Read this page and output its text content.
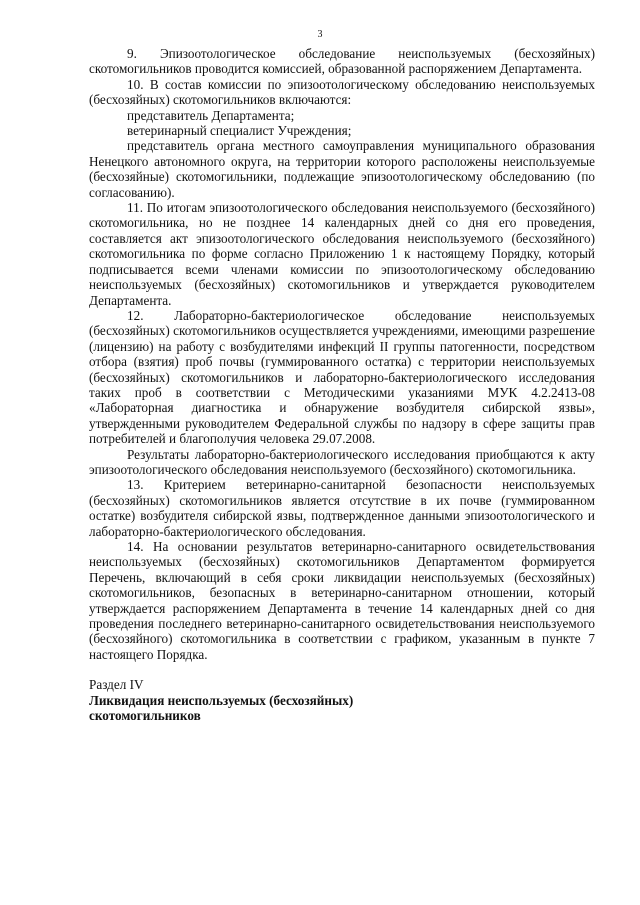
3

9. Эпизоотологическое обследование неиспользуемых (бесхозяйных) скотомогильников проводится комиссией, образованной распоряжением Департамента.

10. В состав комиссии по эпизоотологическому обследованию неиспользуемых (бесхозяйных) скотомогильников включаются:

представитель Департамента;

ветеринарный специалист Учреждения;

представитель органа местного самоуправления муниципального образования Ненецкого автономного округа, на территории которого расположены неиспользуемые (бесхозяйные) скотомогильники, подлежащие эпизоотологическому обследованию (по согласованию).

11. По итогам эпизоотологического обследования неиспользуемого (бесхозяйного) скотомогильника, но не позднее 14 календарных дней со дня его проведения, составляется акт эпизоотологического обследования неиспользуемого (бесхозяйного) скотомогильника по форме согласно Приложению 1 к настоящему Порядку, который подписывается всеми членами комиссии по эпизоотологическому обследованию неиспользуемых (бесхозяйных) скотомогильников и утверждается руководителем Департамента.

12. Лабораторно-бактериологическое обследование неиспользуемых (бесхозяйных) скотомогильников осуществляется учреждениями, имеющими разрешение (лицензию) на работу с возбудителями инфекций II группы патогенности, посредством отбора (взятия) проб почвы (гуммированного остатка) с территории неиспользуемых (бесхозяйных) скотомогильников и лабораторно-бактериологического исследования таких проб в соответствии с Методическими указаниями МУК 4.2.2413-08 «Лабораторная диагностика и обнаружение возбудителя сибирской язвы», утвержденными руководителем Федеральной службы по надзору в сфере защиты прав потребителей и благополучия человека 29.07.2008.

Результаты лабораторно-бактериологического исследования приобщаются к акту эпизоотологического обследования неиспользуемого (бесхозяйного) скотомогильника.

13. Критерием ветеринарно-санитарной безопасности неиспользуемых (бесхозяйных) скотомогильников является отсутствие в их почве (гуммированном остатке) возбудителя сибирской язвы, подтвержденное данными эпизоотологического и лабораторно-бактериологического обследования.

14. На основании результатов ветеринарно-санитарного освидетельствования неиспользуемых (бесхозяйных) скотомогильников Департаментом формируется Перечень, включающий в себя сроки ликвидации неиспользуемых (бесхозяйных) скотомогильников, безопасных в ветеринарно-санитарном отношении, который утверждается распоряжением Департамента в течение 14 календарных дней со дня проведения последнего ветеринарно-санитарного освидетельствования неиспользуемого (бесхозяйного) скотомогильника в соответствии с графиком, указанным в пункте 7 настоящего Порядка.

Раздел IV

Ликвидация неиспользуемых (бесхозяйных)

скотомогильников
